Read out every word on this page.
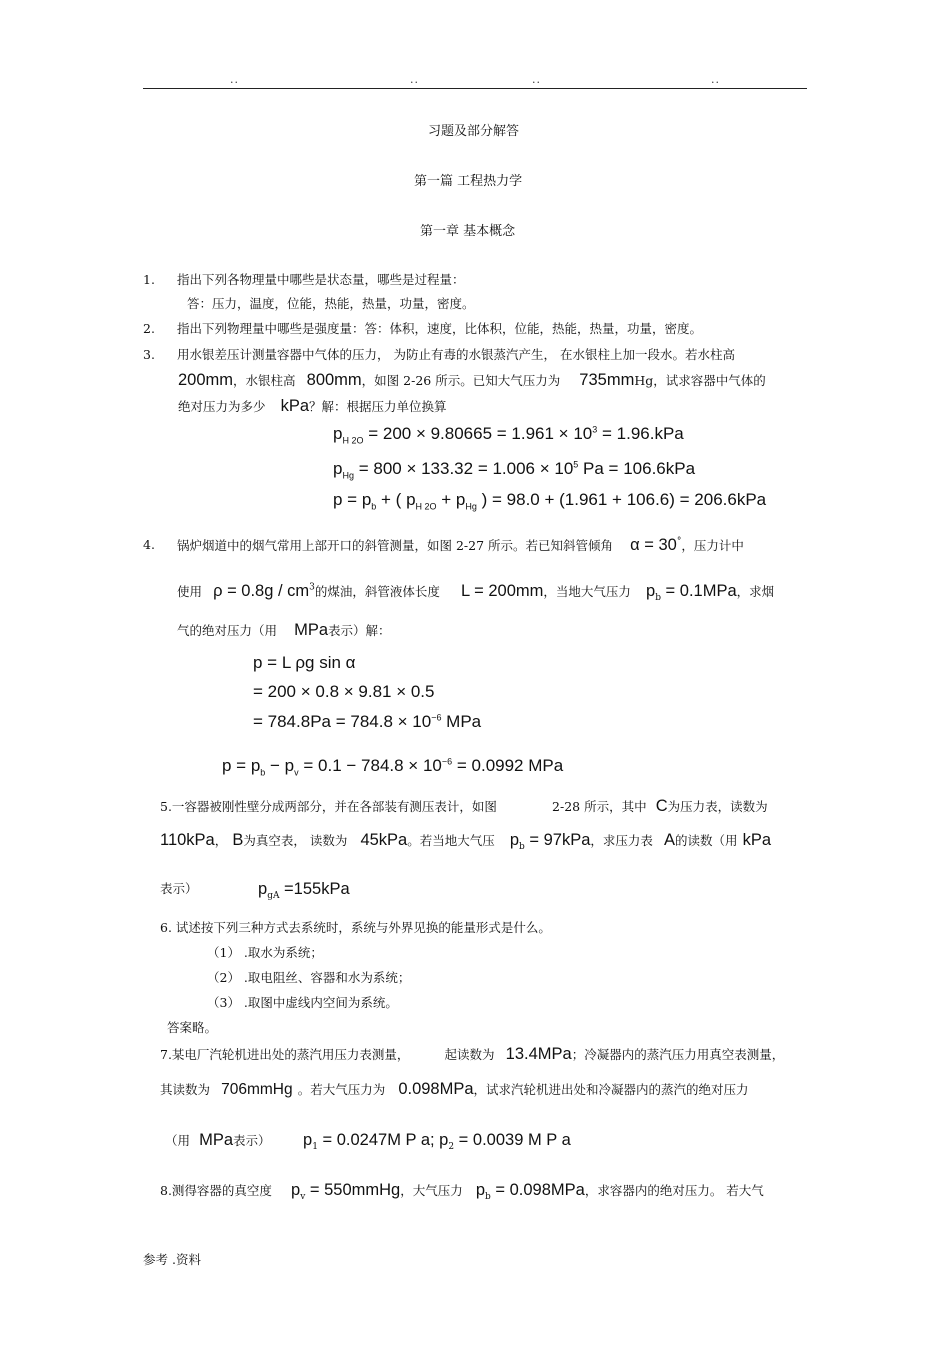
..	..	..	..
习题及部分解答
第一篇 工程热力学
第一章 基本概念
1. 指出下列各物理量中哪些是状态量，哪些是过程量：
答：压力，温度，位能，热能，热量，功量，密度。
2. 指出下列物理量中哪些是强度量：答：体积，速度，比体积，位能，热能，热量，功量，密度。
3. 用水银差压计测量容器中气体的压力， 为防止有毒的水银蒸汽产生， 在水银柱上加一段水。若水柱高
200mm，水银柱高 800mm，如图 2-26 所示。已知大气压力为 735mmHg，试求容器中气体的
绝对压力为多少 kPa？解：根据压力单位换算
$p_{H 2O} = 200 \times 9.80665 = 1.961 \times 10^3 = 1.96.kPa$
$p_{Hg} = 800 \times 133.32 = 1.006 \times 10^5$ Pa = 106.6kPa
$p = p_b$ + ( $p_{H 2O} + p_{Hg}$ ) = 98.0 + (1.961 + 106.6) = 206.6kPa
4. 锅炉烟道中的烟气常用上部开口的斜管测量，如图 2-27 所示。若已知斜管倾角 α = 30°，压力计中
使用 $\rho = 0.8g / cm^3$的煤油，斜管液体长度 L = 200mm，当地大气压力 $p_b = 0.1MPa$，求烟
气的绝对压力（用 MPa表示）解：
p = L ρg sin α
= 200 × 0.8 × 9.81 × 0.5
= $784.8Pa = 784.8 \times 10^{-6}$ MPa
$p = p_b - p_v = 0.1 - 784.8 \times 10^{-6} = 0.0992$ MPa
5.一容器被刚性壁分成两部分，并在各部装有测压表计，如图	2-28 所示，其中 C为压力表，读数为
110kPa， B为真空表， 读数为 45kPa。若当地大气压 $p_b = 97kPa$，求压力表 A的读数（用 kPa
表示）	$p_{gA} =155kPa$
6. 试述按下列三种方式去系统时，系统与外界见换的能量形式是什么。
（1） .取水为系统；
（2） .取电阻丝、容器和水为系统；
（3） .取图中虚线内空间为系统。
答案略。
7.某电厂汽轮机进出处的蒸汽用压力表测量，	起读数为 13.4MPa；冷凝器内的蒸汽压力用真空表测量，
其读数为 706mmHg 。若大气压力为 0.098MPa，试求汽轮机进出处和冷凝器内的蒸汽的绝对压力
（用 MPa表示） $p_1 = 0.0247M$ P a; $p_2 = 0.0039$ M P a
8.测得容器的真空度 $p_v$ = 550mmHg，大气压力 $p_b = 0.098MPa$，求容器内的绝对压力。 若大气
参考 .资料
